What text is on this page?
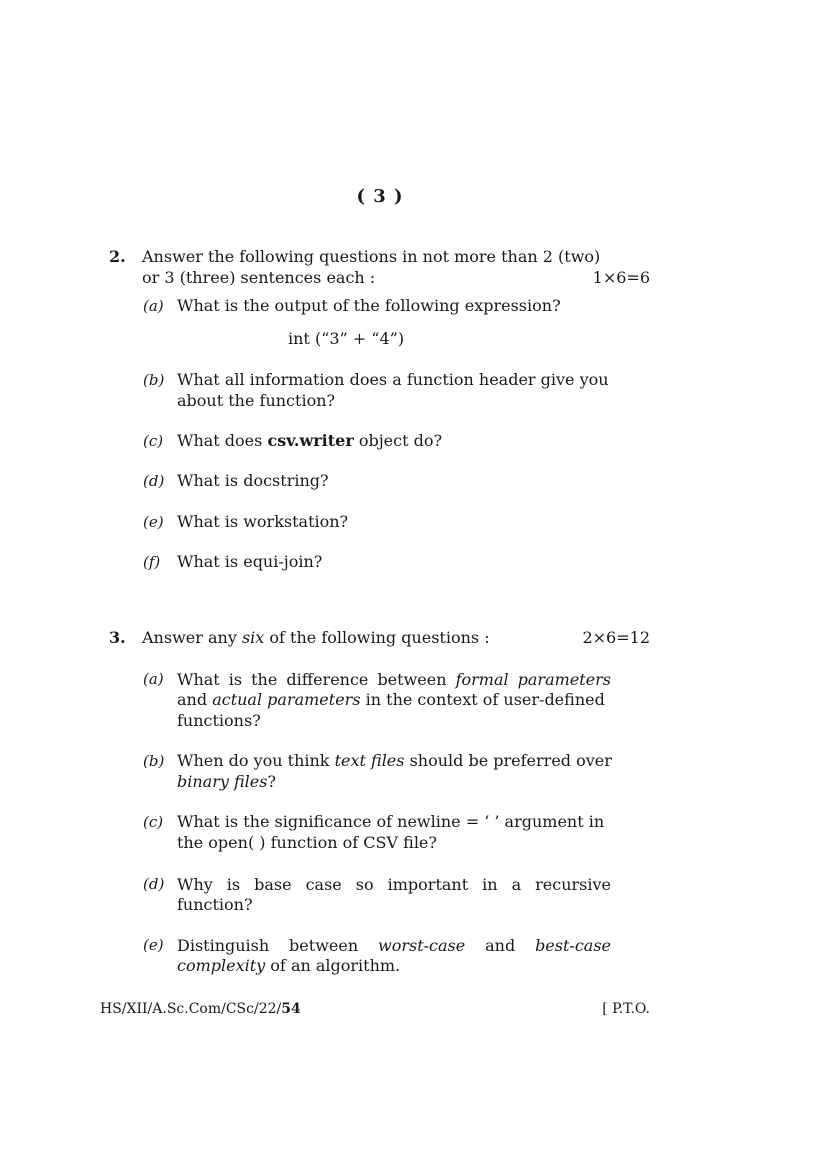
( 3 )
2. Answer the following questions in not more than 2 (two)
or 3 (three) sentences each :	1×6=6
(a) What is the output of the following expression?
int (“3” + “4”)
(b) What all information does a function header give you
about the function?
(c) What does csv.writer object do?
(d) What is docstring?
(e) What is workstation?
(f) What is equi-join?
3. Answer any six of the following questions :	2×6=12
(a) What is the difference between formal parameters
and actual parameters in the context of user-defined
functions?
(b) When do you think text files should be preferred over
binary files?
(c) What is the significance of newline = ‘ ’ argument in
the open( ) function of CSV file?
(d) Why is base case so important in a recursive
function?
(e) Distinguish between worst-case and best-case
complexity of an algorithm.
HS/XII/A.Sc.Com/CSc/22/54	[ P.T.O.
